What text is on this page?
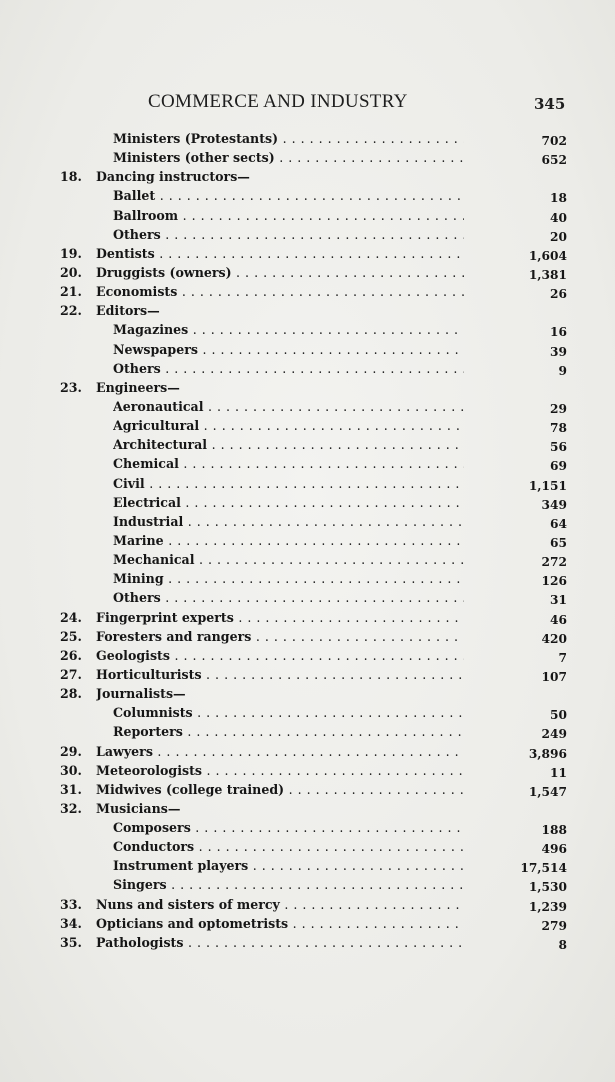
COMMERCE AND INDUSTRY	345
Ministers (Protestants) . . .	702
Ministers (other sects) . . .	652
18. Dancing instructors—
Ballet . . .	18
Ballroom . . .	40
Others . . .	20
19. Dentists . . .	1,604
20. Druggists (owners) . . .	1,381
21. Economists . . .	26
22. Editors—
Magazines . . .	16
Newspapers . . .	39
Others . . .	9
23. Engineers—
Aeronautical . . .	29
Agricultural . . .	78
Architectural . . .	56
Chemical . . .	69
Civil . . .	1,151
Electrical . . .	349
Industrial . . .	64
Marine . . .	65
Mechanical . . .	272
Mining . . .	126
Others . . .	31
24. Fingerprint experts . . .	46
25. Foresters and rangers . . .	420
26. Geologists . . .	7
27. Horticulturists . . .	107
28. Journalists—
Columnists . . .	50
Reporters . . .	249
29. Lawyers . . .	3,896
30. Meteorologists . . .	11
31. Midwives (college trained) . . .	1,547
32. Musicians—
Composers . . .	188
Conductors . . .	496
Instrument players . . .	17,514
Singers . . .	1,530
33. Nuns and sisters of mercy . . .	1,239
34. Opticians and optometrists . . .	279
35. Pathologists . . .	8
